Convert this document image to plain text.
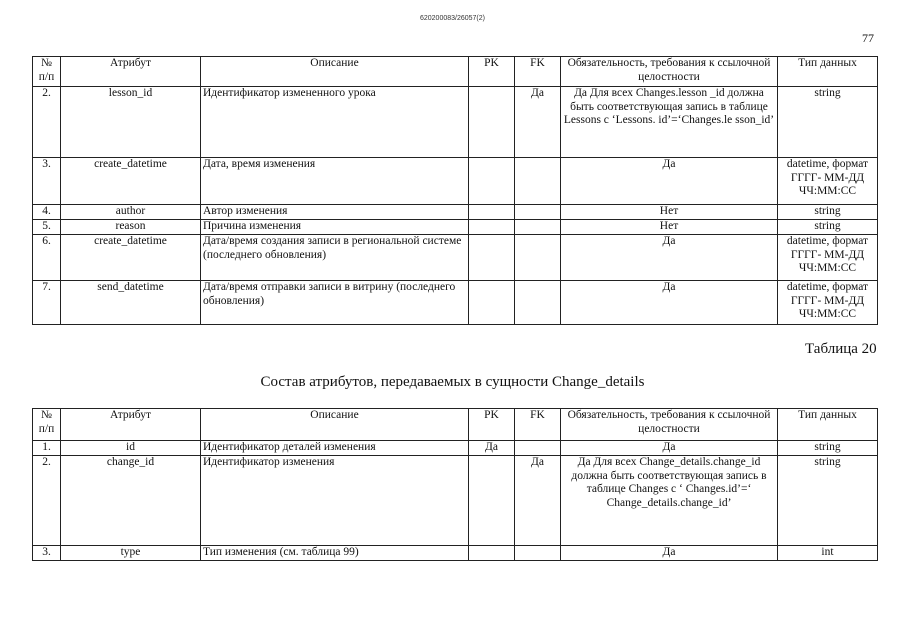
620200083/26057(2)
77
№ п/п	Атрибут	Описание	PK	FK	Обязательность, требования к ссылочной целостности	Тип данных
2.	lesson_id	Идентификатор измененного урока		Да	Да Для всех Changes.lesson _id должна быть соответствующая запись в таблице Lessons с ‘Lessons. id’=‘Changes.le sson_id’	string
3.	create_datetime	Дата, время изменения			Да	datetime, формат ГГГГ- ММ-ДД ЧЧ:ММ:СС
4.	author	Автор изменения			Нет	string
5.	reason	Причина изменения			Нет	string
6.	create_datetime	Дата/время создания записи в региональной системе (последнего обновления)			Да	datetime, формат ГГГГ- ММ-ДД ЧЧ:ММ:СС
7.	send_datetime	Дата/время отправки записи в витрину (последнего обновления)			Да	datetime, формат ГГГГ- ММ-ДД ЧЧ:ММ:СС
Таблица 20
Состав атрибутов, передаваемых в сущности Change_details
№ п/п	Атрибут	Описание	PK	FK	Обязательность, требования к ссылочной целостности	Тип данных
1.	id	Идентификатор деталей изменения	Да		Да	string
2.	change_id	Идентификатор изменения		Да	Да Для всех Change_details.change_id должна быть соответствующая запись в таблице Changes с ‘ Changes.id’=‘ Change_details.change_id’	string
3.	type	Тип изменения (см. таблица 99)			Да	int
